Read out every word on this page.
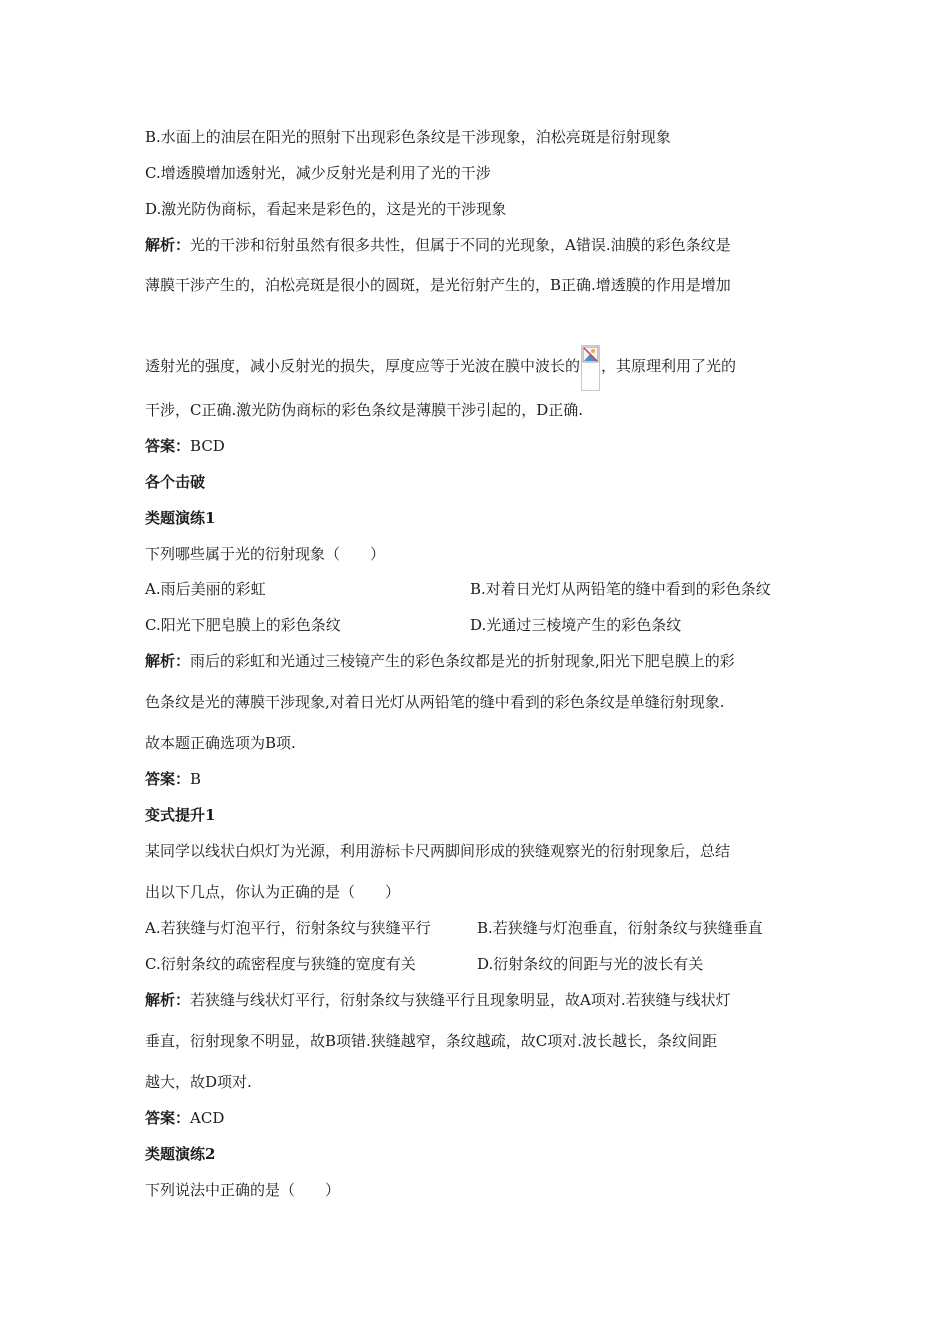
B.水面上的油层在阳光的照射下出现彩色条纹是干涉现象，泊松亮斑是衍射现象
C.增透膜增加透射光，减少反射光是利用了光的干涉
D.激光防伪商标，看起来是彩色的，这是光的干涉现象
解析：光的干涉和衍射虽然有很多共性，但属于不同的光现象，A错误.油膜的彩色条纹是
薄膜干涉产生的，泊松亮斑是很小的圆斑，是光衍射产生的，B正确.增透膜的作用是增加
透射光的强度，减小反射光的损失，厚度应等于光波在膜中波长的 ，其原理利用了光的
干涉，C正确.激光防伪商标的彩色条纹是薄膜干涉引起的，D正确.
答案：BCD
各个击破
类题演练1
下列哪些属于光的衍射现象（　　）
A.雨后美丽的彩虹	B.对着日光灯从两铅笔的缝中看到的彩色条纹
C.阳光下肥皂膜上的彩色条纹	D.光通过三棱境产生的彩色条纹
解析：雨后的彩虹和光通过三棱镜产生的彩色条纹都是光的折射现象,阳光下肥皂膜上的彩
色条纹是光的薄膜干涉现象,对着日光灯从两铅笔的缝中看到的彩色条纹是单缝衍射现象.
故本题正确选项为B项.
答案：B
变式提升1
某同学以线状白炽灯为光源，利用游标卡尺两脚间形成的狭缝观察光的衍射现象后，总结
出以下几点，你认为正确的是（　　）
A.若狭缝与灯泡平行，衍射条纹与狭缝平行	B.若狭缝与灯泡垂直，衍射条纹与狭缝垂直
C.衍射条纹的疏密程度与狭缝的宽度有关	D.衍射条纹的间距与光的波长有关
解析：若狭缝与线状灯平行，衍射条纹与狭缝平行且现象明显，故A项对.若狭缝与线状灯
垂直，衍射现象不明显，故B项错.狭缝越窄，条纹越疏，故C项对.波长越长，条纹间距
越大，故D项对.
答案：ACD
类题演练2
下列说法中正确的是（　　）
